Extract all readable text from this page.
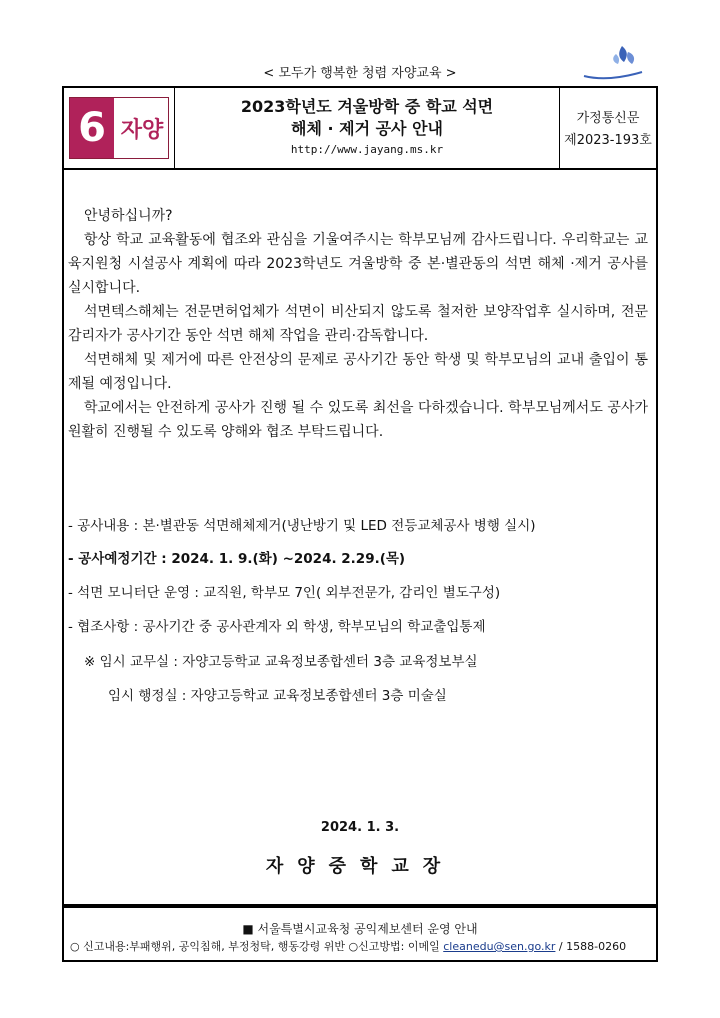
< 모두가 행복한 청렴 자양교육 >
6 자양
2023학년도 겨울방학 중 학교 석면
해체 · 제거 공사 안내
http://www.jayang.ms.kr
가정통신문
제2023-193호

안녕하십니까?

항상 학교 교육활동에 협조와 관심을 기울여주시는 학부모님께 감사드립니다. 우리학교는 교육지원청 시설공사 계획에 따라 2023학년도 겨울방학 중 본·별관동의 석면 해체 ·제거 공사를 실시합니다.

석면텍스해체는 전문면허업체가 석면이 비산되지 않도록 철저한 보양작업후 실시하며, 전문 감리자가 공사기간 동안 석면 해체 작업을 관리·감독합니다.

석면해체 및 제거에 따른 안전상의 문제로 공사기간 동안 학생 및 학부모님의 교내 출입이 통제될 예정입니다.

학교에서는 안전하게 공사가 진행 될 수 있도록 최선을 다하겠습니다. 학부모님께서도 공사가 원활히 진행될 수 있도록 양해와 협조 부탁드립니다.

- 공사내용 : 본·별관동 석면해체제거(냉난방기 및 LED 전등교체공사 병행 실시)
- 공사예정기간 : 2024. 1. 9.(화) ~2024. 2.29.(목)
- 석면 모니터단 운영 : 교직원, 학부모 7인( 외부전문가, 감리인 별도구성)
- 협조사항 : 공사기간 중 공사관계자 외 학생, 학부모님의 학교출입통제
※ 임시 교무실 : 자양고등학교 교육정보종합센터 3층 교육정보부실
임시 행정실 : 자양고등학교 교육정보종합센터 3층 미술실
2024. 1. 3.
자양중학교장
■ 서울특별시교육청 공익제보센터 운영 안내
○ 신고내용:부패행위, 공익침해, 부정청탁, 행동강령 위반 ○신고방법: 이메일 cleanedu@sen.go.kr / 1588-0260
